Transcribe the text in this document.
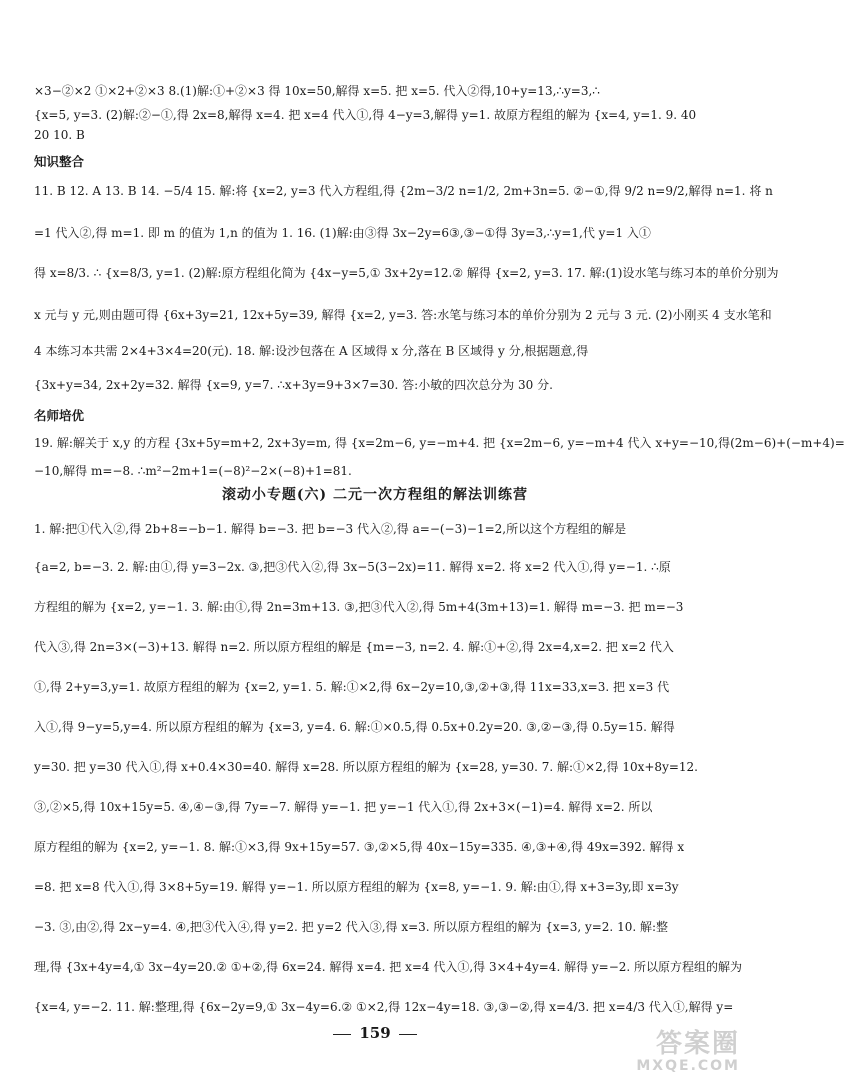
×3−②×2 ①×2+②×3 8.(1)解:①+②×3 得 10x=50,解得 x=5. 把 x=5. 代入②得,10+y=13,∴y=3,∴
{x=5, y=3. (2)解:②−①,得 2x=8,解得 x=4. 把 x=4 代入①,得 4−y=3,解得 y=1. 故原方程组的解为 {x=4, y=1. 9. 40
20 10. B
知识整合
11. B 12. A 13. B 14. −5/4 15. 解:将 {x=2, y=3 代入方程组,得 {2m−3/2 n=1/2, 2m+3n=5. ②−①,得 9/2 n=9/2,解得 n=1. 将 n
=1 代入②,得 m=1. 即 m 的值为 1,n 的值为 1. 16. (1)解:由③得 3x−2y=6③,③−①得 3y=3,∴y=1,代 y=1 入①
得 x=8/3. ∴ {x=8/3, y=1. (2)解:原方程组化简为 {4x−y=5,① 3x+2y=12.② 解得 {x=2, y=3. 17. 解:(1)设水笔与练习本的单价分别为
x 元与 y 元,则由题可得 {6x+3y=21, 12x+5y=39, 解得 {x=2, y=3. 答:水笔与练习本的单价分别为 2 元与 3 元. (2)小刚买 4 支水笔和
4 本练习本共需 2×4+3×4=20(元). 18. 解:设沙包落在 A 区域得 x 分,落在 B 区域得 y 分,根据题意,得
{3x+y=34, 2x+2y=32. 解得 {x=9, y=7. ∴x+3y=9+3×7=30. 答:小敏的四次总分为 30 分.
名师培优
19. 解:解关于 x,y 的方程 {3x+5y=m+2, 2x+3y=m, 得 {x=2m−6, y=−m+4. 把 {x=2m−6, y=−m+4 代入 x+y=−10,得(2m−6)+(−m+4)=
−10,解得 m=−8. ∴m²−2m+1=(−8)²−2×(−8)+1=81.
滚动小专题(六) 二元一次方程组的解法训练营
1. 解:把①代入②,得 2b+8=−b−1. 解得 b=−3. 把 b=−3 代入②,得 a=−(−3)−1=2,所以这个方程组的解是
{a=2, b=−3. 2. 解:由①,得 y=3−2x. ③,把③代入②,得 3x−5(3−2x)=11. 解得 x=2. 将 x=2 代入①,得 y=−1. ∴原
方程组的解为 {x=2, y=−1. 3. 解:由①,得 2n=3m+13. ③,把③代入②,得 5m+4(3m+13)=1. 解得 m=−3. 把 m=−3
代入③,得 2n=3×(−3)+13. 解得 n=2. 所以原方程组的解是 {m=−3, n=2. 4. 解:①+②,得 2x=4,x=2. 把 x=2 代入
①,得 2+y=3,y=1. 故原方程组的解为 {x=2, y=1. 5. 解:①×2,得 6x−2y=10,③,②+③,得 11x=33,x=3. 把 x=3 代
入①,得 9−y=5,y=4. 所以原方程组的解为 {x=3, y=4. 6. 解:①×0.5,得 0.5x+0.2y=20. ③,②−③,得 0.5y=15. 解得
y=30. 把 y=30 代入①,得 x+0.4×30=40. 解得 x=28. 所以原方程组的解为 {x=28, y=30. 7. 解:①×2,得 10x+8y=12.
③,②×5,得 10x+15y=5. ④,④−③,得 7y=−7. 解得 y=−1. 把 y=−1 代入①,得 2x+3×(−1)=4. 解得 x=2. 所以
原方程组的解为 {x=2, y=−1. 8. 解:①×3,得 9x+15y=57. ③,②×5,得 40x−15y=335. ④,③+④,得 49x=392. 解得 x
=8. 把 x=8 代入①,得 3×8+5y=19. 解得 y=−1. 所以原方程组的解为 {x=8, y=−1. 9. 解:由①,得 x+3=3y,即 x=3y
−3. ③,由②,得 2x−y=4. ④,把③代入④,得 y=2. 把 y=2 代入③,得 x=3. 所以原方程组的解为 {x=3, y=2. 10. 解:整
理,得 {3x+4y=4,① 3x−4y=20.② ①+②,得 6x=24. 解得 x=4. 把 x=4 代入①,得 3×4+4y=4. 解得 y=−2. 所以原方程组的解为
{x=4, y=−2. 11. 解:整理,得 {6x−2y=9,① 3x−4y=6.② ①×2,得 12x−4y=18. ③,③−②,得 x=4/3. 把 x=4/3 代入①,解得 y=
159	答案圈
MXQE.COM
